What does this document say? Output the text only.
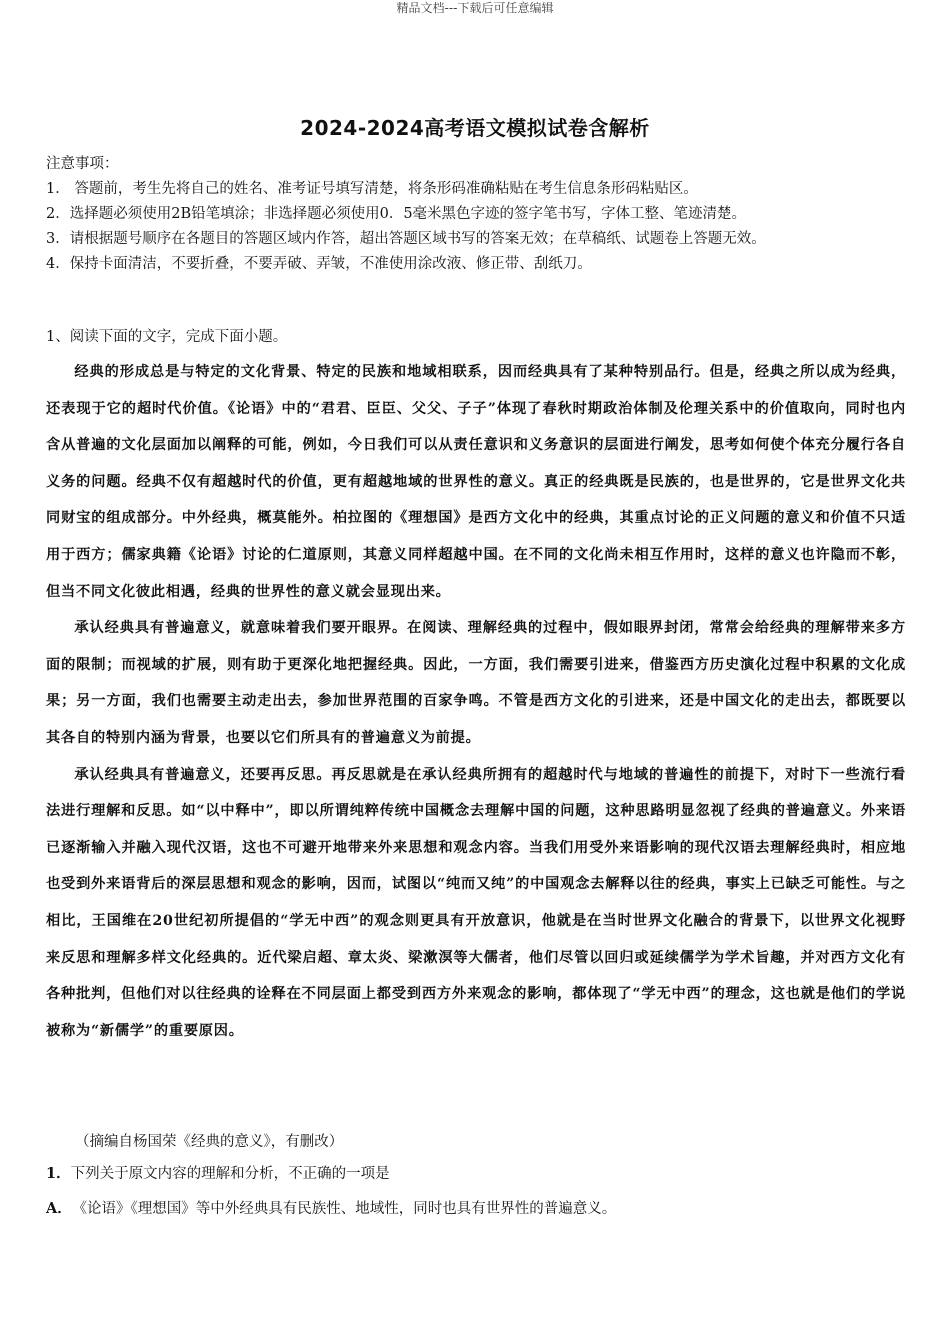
精品文档---下载后可任意编辑
2024-2024高考语文模拟试卷含解析
注意事项：
1． 答题前，考生先将自己的姓名、准考证号填写清楚，将条形码准确粘贴在考生信息条形码粘贴区。
2．选择题必须使用2B铅笔填涂；非选择题必须使用0．5毫米黑色字迹的签字笔书写，字体工整、笔迹清楚。
3．请根据题号顺序在各题目的答题区域内作答，超出答题区域书写的答案无效；在草稿纸、试题卷上答题无效。
4．保持卡面清洁，不要折叠，不要弄破、弄皱，不准使用涂改液、修正带、刮纸刀。
1、阅读下面的文字，完成下面小题。

经典的形成总是与特定的文化背景、特定的民族和地域相联系，因而经典具有了某种特别品行。但是，经典之所以成为经典，还表现于它的超时代价值。《论语》中的“君君、臣臣、父父、子子”体现了春秋时期政治体制及伦理关系中的价值取向，同时也内含从普遍的文化层面加以阐释的可能，例如，今日我们可以从责任意识和义务意识的层面进行阐发，思考如何使个体充分履行各自义务的问题。经典不仅有超越时代的价值，更有超越地域的世界性的意义。真正的经典既是民族的，也是世界的，它是世界文化共同财宝的组成部分。中外经典，概莫能外。柏拉图的《理想国》是西方文化中的经典，其重点讨论的正义问题的意义和价值不只适用于西方；儒家典籍《论语》讨论的仁道原则，其意义同样超越中国。在不同的文化尚未相互作用时，这样的意义也许隐而不彰，但当不同文化彼此相遇，经典的世界性的意义就会显现出来。

承认经典具有普遍意义，就意味着我们要开眼界。在阅读、理解经典的过程中，假如眼界封闭，常常会给经典的理解带来多方面的限制；而视域的扩展，则有助于更深化地把握经典。因此，一方面，我们需要引进来，借鉴西方历史演化过程中积累的文化成果；另一方面，我们也需要主动走出去，参加世界范围的百家争鸣。不管是西方文化的引进来，还是中国文化的走出去，都既要以其各自的特别内涵为背景，也要以它们所具有的普遍意义为前提。

承认经典具有普遍意义，还要再反思。再反思就是在承认经典所拥有的超越时代与地域的普遍性的前提下，对时下一些流行看法进行理解和反思。如“以中释中”，即以所谓纯粹传统中国概念去理解中国的问题，这种思路明显忽视了经典的普遍意义。外来语已逐渐输入并融入现代汉语，这也不可避开地带来外来思想和观念内容。当我们用受外来语影响的现代汉语去理解经典时，相应地也受到外来语背后的深层思想和观念的影响，因而，试图以“纯而又纯”的中国观念去解释以往的经典，事实上已缺乏可能性。与之相比，王国维在20世纪初所提倡的“学无中西”的观念则更具有开放意识，他就是在当时世界文化融合的背景下，以世界文化视野来反思和理解多样文化经典的。近代梁启超、章太炎、梁漱溟等大儒者，他们尽管以回归或延续儒学为学术旨趣，并对西方文化有各种批判，但他们对以往经典的诠释在不同层面上都受到西方外来观念的影响，都体现了“学无中西”的理念，这也就是他们的学说被称为“新儒学”的重要原因。

（摘编自杨国荣《经典的意义》，有删改）
1．下列关于原文内容的理解和分析，不正确的一项是
A． 《论语》《理想国》等中外经典具有民族性、地域性，同时也具有世界性的普遍意义。
